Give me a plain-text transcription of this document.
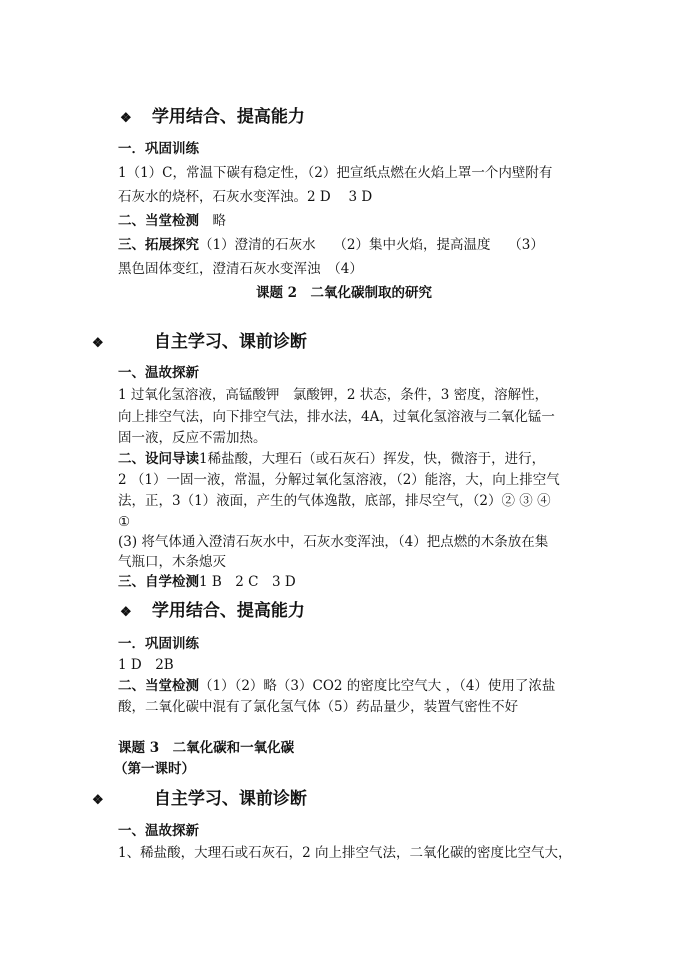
❖ 学用结合、提高能力
一．巩固训练
1（1）C，常温下碳有稳定性，（2）把宣纸点燃在火焰上罩一个内壁附有
石灰水的烧杯，石灰水变浑浊。2 D　 3 D
二、当堂检测　略
三、拓展探究（1）澄清的石灰水　 （2）集中火焰，提高温度　 （3）
黑色固体变红，澄清石灰水变浑浊　（4）
课题 2　二氧化碳制取的研究
❖	自主学习、课前诊断
一、温故探新
1 过氧化氢溶液，高锰酸钾　氯酸钾，2 状态，条件，3 密度，溶解性，
向上排空气法，向下排空气法，排水法，4A，过氧化氢溶液与二氧化锰一
固一液，反应不需加热。
二、设问导读1稀盐酸，大理石（或石灰石）挥发，快，微溶于，进行，
2 （1）一固一液，常温，分解过氧化氢溶液，（2）能溶，大，向上排空气
法，正，3（1）液面，产生的气体逸散，底部，排尽空气，（2）② ③ ④
①
(3) 将气体通入澄清石灰水中，石灰水变浑浊，（4）把点燃的木条放在集
气瓶口，木条熄灭
三、自学检测1 B　2 C　3 D
❖ 学用结合、提高能力
一．巩固训练
1 D　2B
二、当堂检测（1）（2）略（3）CO2 的密度比空气大 ，（4）使用了浓盐
酸，二氧化碳中混有了氯化氢气体（5）药品量少，装置气密性不好
课题 3　二氧化碳和一氧化碳
（第一课时）
❖	自主学习、课前诊断
一、温故探新
1、稀盐酸，大理石或石灰石，2 向上排空气法，二氧化碳的密度比空气大，
